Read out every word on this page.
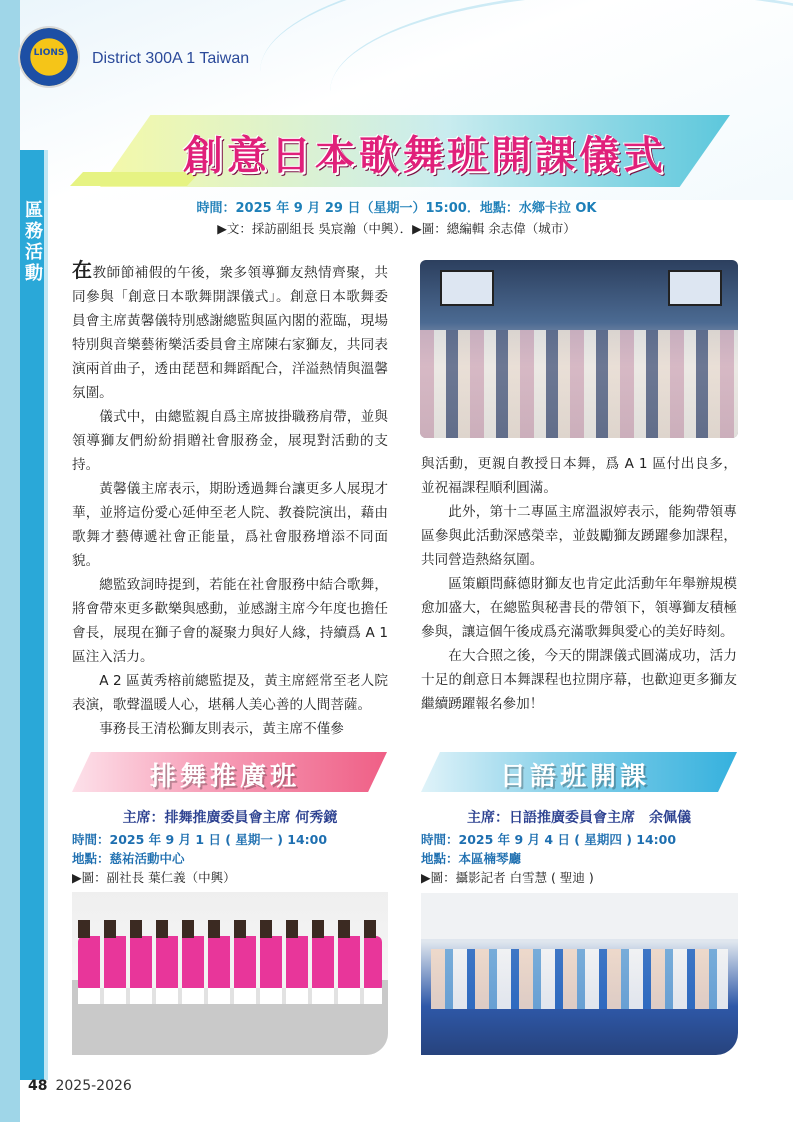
區務活動
LIONS District 300A 1 Taiwan
創意日本歌舞班開課儀式
時間：2025 年 9 月 29 日（星期一）15:00．地點：水鄉卡拉 OK
▶文：採訪副組長 吳宸瀚（中興）．▶圖：總編輯 余志偉（城市）

在教師節補假的午後，衆多領導獅友熱情齊聚，共同參與「創意日本歌舞開課儀式」。創意日本歌舞委員會主席黃馨儀特別感謝總監與區內閣的蒞臨，現場特別與音樂藝術樂活委員會主席陳右家獅友，共同表演兩首曲子，透由琵琶和舞蹈配合，洋溢熱情與溫馨氛圍。

儀式中，由總監親自爲主席披掛職務肩帶，並與領導獅友們紛紛捐贈社會服務金，展現對活動的支持。

黃馨儀主席表示，期盼透過舞台讓更多人展現才華，並將這份愛心延伸至老人院、教養院演出，藉由歌舞才藝傳遞社會正能量，爲社會服務增添不同面貌。

總監致詞時提到，若能在社會服務中結合歌舞，將會帶來更多歡樂與感動，並感謝主席今年度也擔任會長，展現在獅子會的凝聚力與好人緣，持續爲 A 1 區注入活力。

A 2 區黃秀榕前總監提及，黃主席經常至老人院表演，歌聲溫暖人心，堪稱人美心善的人間菩薩。

事務長王清松獅友則表示，黃主席不僅參

與活動，更親自教授日本舞，爲 A 1 區付出良多，並祝福課程順利圓滿。

此外，第十二專區主席溫淑婷表示，能夠帶領專區參與此活動深感榮幸，並鼓勵獅友踴躍參加課程，共同營造熱絡氛圍。

區策顧問蘇德財獅友也肯定此活動年年舉辦規模愈加盛大，在總監與秘書長的帶領下，領導獅友積極參與，讓這個午後成爲充滿歌舞與愛心的美好時刻。

在大合照之後，今天的開課儀式圓滿成功，活力十足的創意日本舞課程也拉開序幕，也歡迎更多獅友繼續踴躍報名參加！

排舞推廣班
主席：排舞推廣委員會主席 何秀鏡
時間：2025 年 9 月 1 日 ( 星期一 ) 14:00
地點：慈祐活動中心
▶圖：副社長 葉仁義（中興）
日語班開課
主席：日語推廣委員會主席　余佩儀
時間：2025 年 9 月 4 日 ( 星期四 ) 14:00
地點：本區楠琴廳
▶圖：攝影記者 白雪慧 ( 聖迪 )
48 2025-2026
